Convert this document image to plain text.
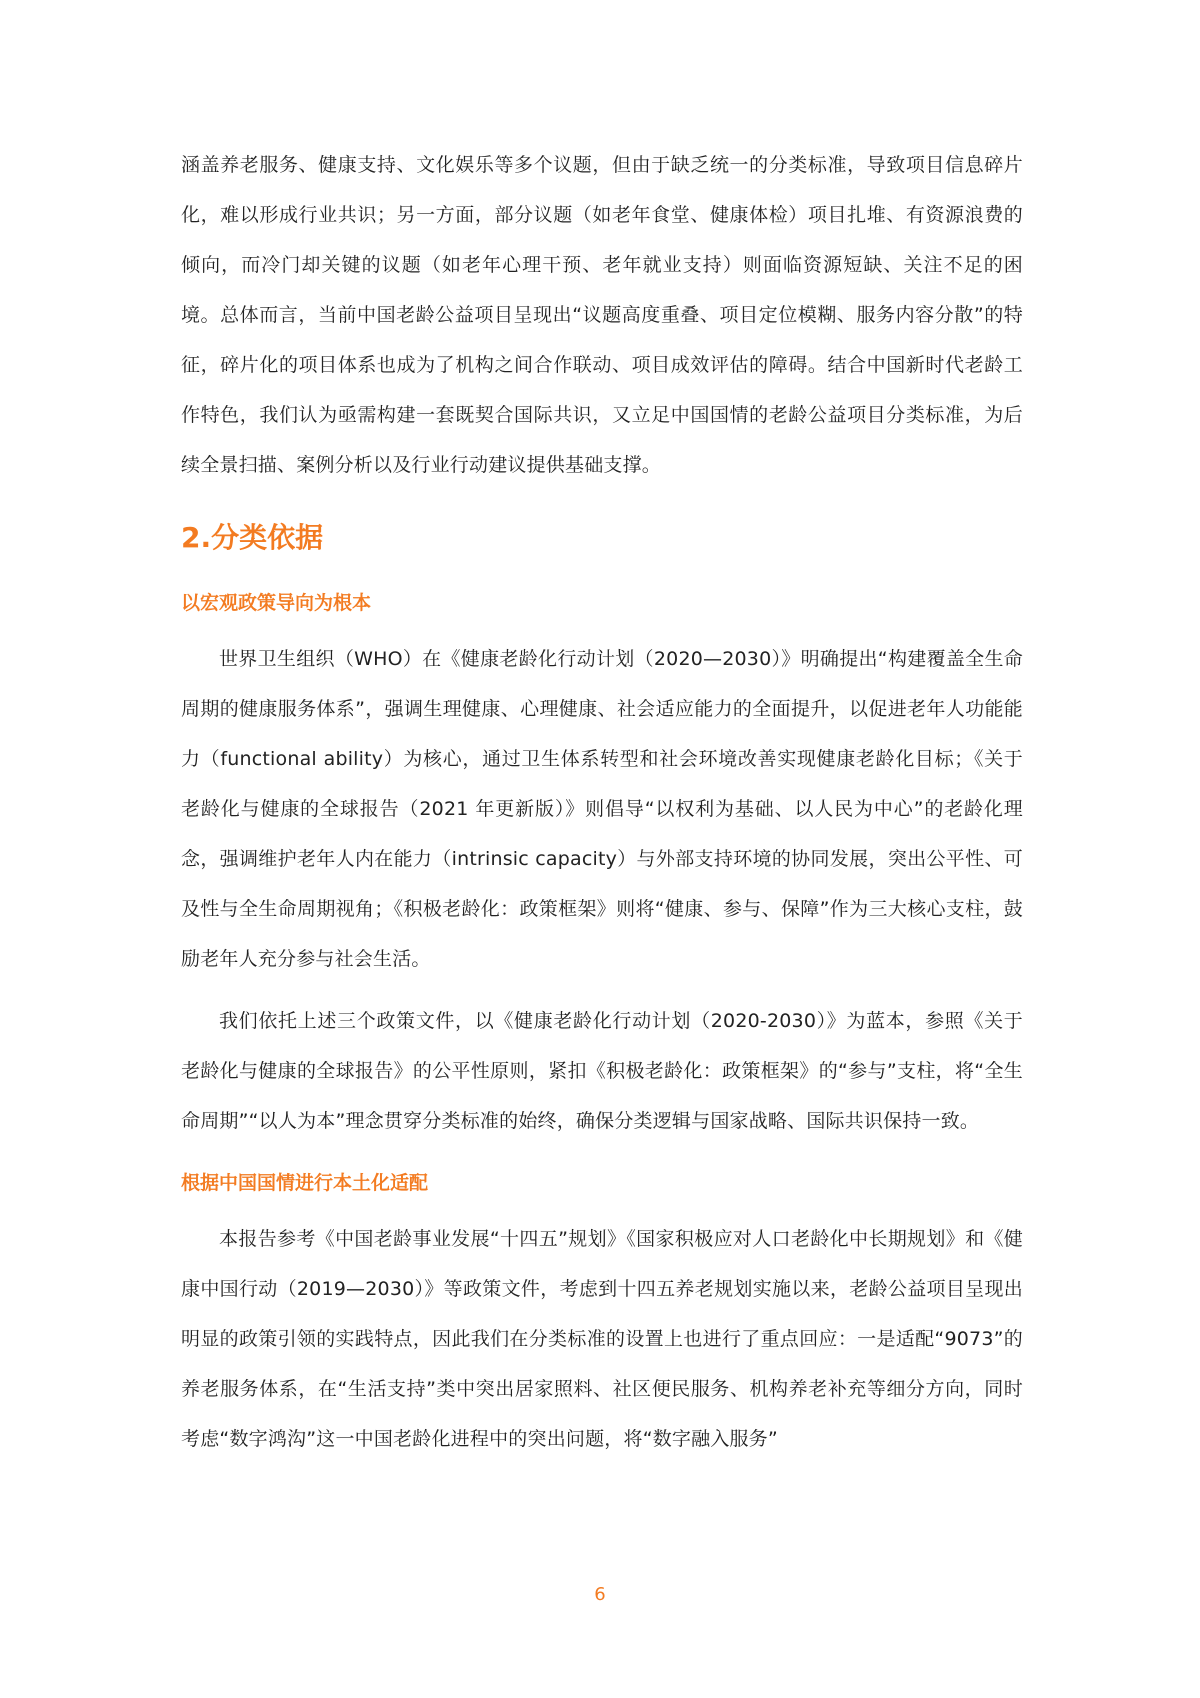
涵盖养老服务、健康支持、文化娱乐等多个议题，但由于缺乏统一的分类标准，导致项目信息碎片化，难以形成行业共识；另一方面，部分议题（如老年食堂、健康体检）项目扎堆、有资源浪费的倾向，而冷门却关键的议题（如老年心理干预、老年就业支持）则面临资源短缺、关注不足的困境。总体而言，当前中国老龄公益项目呈现出“议题高度重叠、项目定位模糊、服务内容分散”的特征，碎片化的项目体系也成为了机构之间合作联动、项目成效评估的障碍。结合中国新时代老龄工作特色，我们认为亟需构建一套既契合国际共识，又立足中国国情的老龄公益项目分类标准，为后续全景扫描、案例分析以及行业行动建议提供基础支撑。

2.分类依据
以宏观政策导向为根本

世界卫生组织（WHO）在《健康老龄化行动计划（2020—2030）》明确提出“构建覆盖全生命周期的健康服务体系”，强调生理健康、心理健康、社会适应能力的全面提升，以促进老年人功能能力（functional ability）为核心，通过卫生体系转型和社会环境改善实现健康老龄化目标；《关于老龄化与健康的全球报告（2021 年更新版）》则倡导“以权利为基础、以人民为中心”的老龄化理念，强调维护老年人内在能力（intrinsic capacity）与外部支持环境的协同发展，突出公平性、可及性与全生命周期视角；《积极老龄化：政策框架》则将“健康、参与、保障”作为三大核心支柱，鼓励老年人充分参与社会生活。

我们依托上述三个政策文件，以《健康老龄化行动计划（2020-2030）》为蓝本，参照《关于老龄化与健康的全球报告》的公平性原则，紧扣《积极老龄化：政策框架》的“参与”支柱，将“全生命周期”“以人为本”理念贯穿分类标准的始终，确保分类逻辑与国家战略、国际共识保持一致。

根据中国国情进行本土化适配

本报告参考《中国老龄事业发展“十四五”规划》《国家积极应对人口老龄化中长期规划》和《健康中国行动（2019—2030）》等政策文件，考虑到十四五养老规划实施以来，老龄公益项目呈现出明显的政策引领的实践特点，因此我们在分类标准的设置上也进行了重点回应：一是适配“9073”的养老服务体系，在“生活支持”类中突出居家照料、社区便民服务、机构养老补充等细分方向，同时考虑“数字鸿沟”这一中国老龄化进程中的突出问题，将“数字融入服务”

6
